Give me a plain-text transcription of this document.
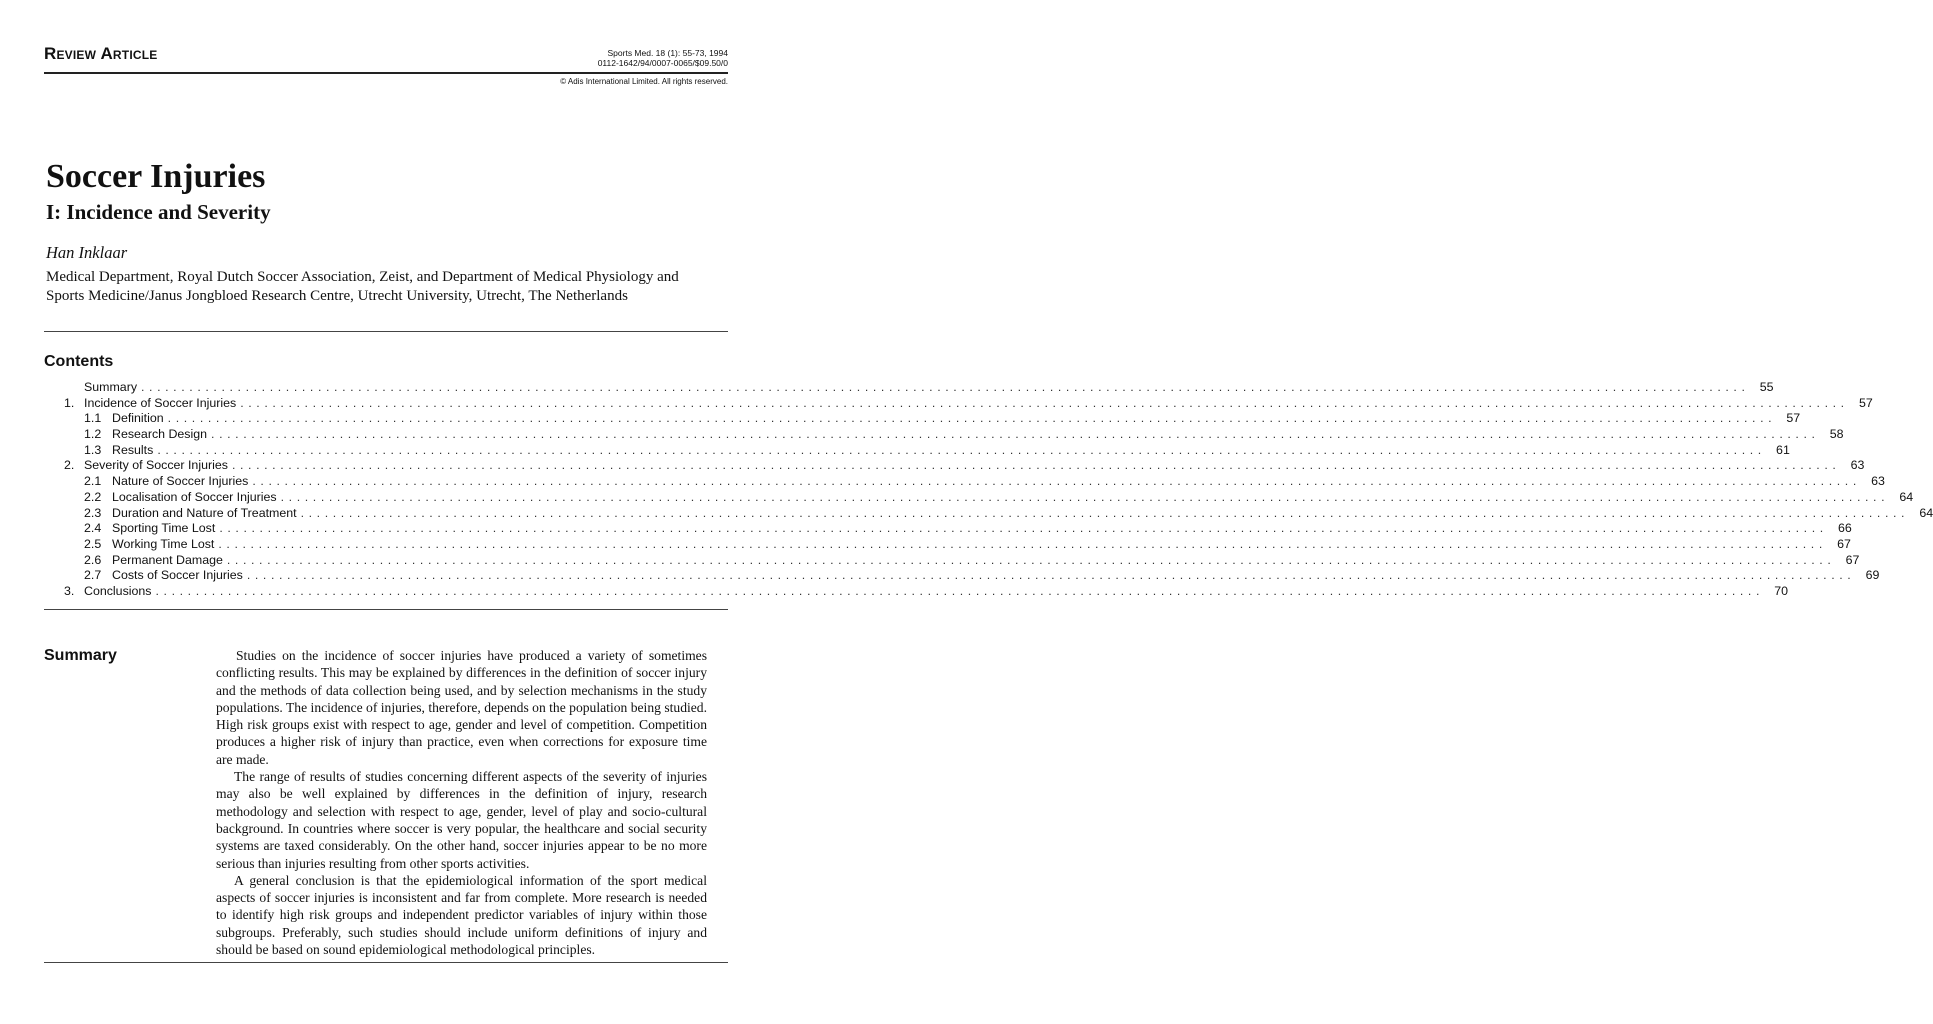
Review Article	Sports Med. 18 (1): 55-73, 1994
0112-1642/94/0007-0065/$09.50/0
© Adis International Limited. All rights reserved.
Soccer Injuries
I: Incidence and Severity
Han Inklaar
Medical Department, Royal Dutch Soccer Association, Zeist, and Department of Medical Physiology and Sports Medicine/Janus Jongbloed Research Centre, Utrecht University, Utrecht, The Netherlands
Contents
Summary ........................................................................................................................................................................................................ 55
1. Incidence of Soccer Injuries ........................................................................................................................................................................................................ 57
1.1 Definition ........................................................................................................................................................................................................ 57
1.2 Research Design ........................................................................................................................................................................................................ 58
1.3 Results ........................................................................................................................................................................................................ 61
2. Severity of Soccer Injuries ........................................................................................................................................................................................................ 63
2.1 Nature of Soccer Injuries ........................................................................................................................................................................................................ 63
2.2 Localisation of Soccer Injuries ........................................................................................................................................................................................................ 64
2.3 Duration and Nature of Treatment ........................................................................................................................................................................................................ 64
2.4 Sporting Time Lost ........................................................................................................................................................................................................ 66
2.5 Working Time Lost ........................................................................................................................................................................................................ 67
2.6 Permanent Damage ........................................................................................................................................................................................................ 67
2.7 Costs of Soccer Injuries ........................................................................................................................................................................................................ 69
3. Conclusions ........................................................................................................................................................................................................ 70
Summary	Studies on the incidence of soccer injuries have produced a variety of sometimes conflicting results. This may be explained by differences in the definition of soccer injury and the methods of data collection being used, and by selection mechanisms in the study populations. The incidence of injuries, therefore, depends on the population being studied. High risk groups exist with respect to age, gender and level of competition. Competition produces a higher risk of injury than practice, even when corrections for exposure time are made.

The range of results of studies concerning different aspects of the severity of injuries may also be well explained by differences in the definition of injury, research methodology and selection with respect to age, gender, level of play and socio-cultural background. In countries where soccer is very popular, the healthcare and social security systems are taxed considerably. On the other hand, soccer injuries appear to be no more serious than injuries resulting from other sports activities.

A general conclusion is that the epidemiological information of the sport medical aspects of soccer injuries is inconsistent and far from complete. More research is needed to identify high risk groups and independent predictor variables of injury within those subgroups. Preferably, such studies should include uniform definitions of injury and should be based on sound epidemiological methodological principles.
